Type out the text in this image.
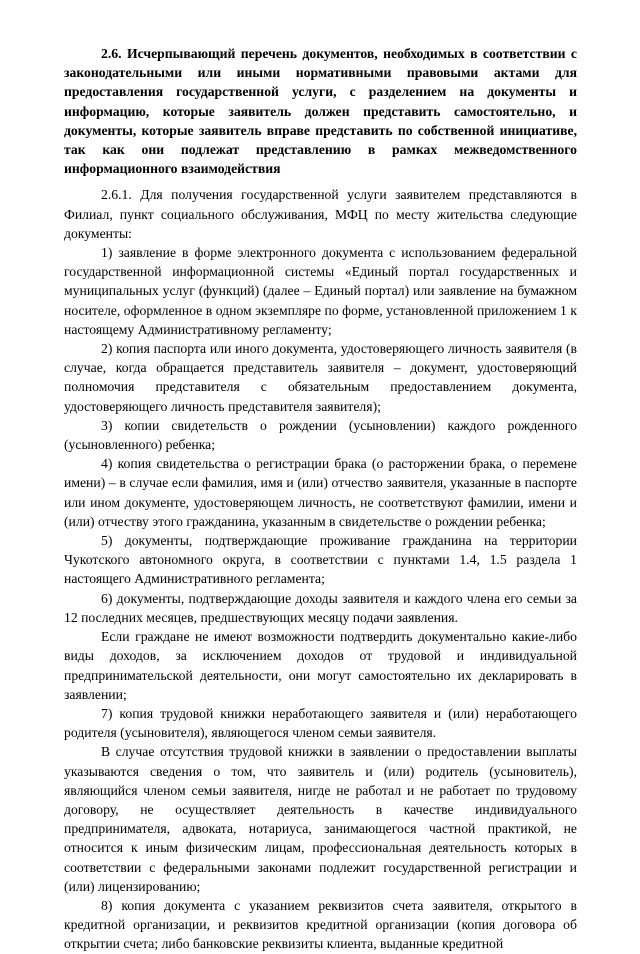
2.6. Исчерпывающий перечень документов, необходимых в соответствии с законодательными или иными нормативными правовыми актами для предоставления государственной услуги, с разделением на документы и информацию, которые заявитель должен представить самостоятельно, и документы, которые заявитель вправе представить по собственной инициативе, так как они подлежат представлению в рамках межведомственного информационного взаимодействия

2.6.1. Для получения государственной услуги заявителем представляются в Филиал, пункт социального обслуживания, МФЦ по месту жительства следующие документы:

1) заявление в форме электронного документа с использованием федеральной государственной информационной системы «Единый портал государственных и муниципальных услуг (функций) (далее – Единый портал) или заявление на бумажном носителе, оформленное в одном экземпляре по форме, установленной приложением 1 к настоящему Административному регламенту;

2) копия паспорта или иного документа, удостоверяющего личность заявителя (в случае, когда обращается представитель заявителя – документ, удостоверяющий полномочия представителя с обязательным предоставлением документа, удостоверяющего личность представителя заявителя);

3) копии свидетельств о рождении (усыновлении) каждого рожденного (усыновленного) ребенка;

4) копия свидетельства о регистрации брака (о расторжении брака, о перемене имени) – в случае если фамилия, имя и (или) отчество заявителя, указанные в паспорте или ином документе, удостоверяющем личность, не соответствуют фамилии, имени и (или) отчеству этого гражданина, указанным в свидетельстве о рождении ребенка;

5) документы, подтверждающие проживание гражданина на территории Чукотского автономного округа, в соответствии с пунктами 1.4, 1.5 раздела 1 настоящего Административного регламента;

6) документы, подтверждающие доходы заявителя и каждого члена его семьи за 12 последних месяцев, предшествующих месяцу подачи заявления.

Если граждане не имеют возможности подтвердить документально какие-либо виды доходов, за исключением доходов от трудовой и индивидуальной предпринимательской деятельности, они могут самостоятельно их декларировать в заявлении;

7) копия трудовой книжки неработающего заявителя и (или) неработающего родителя (усыновителя), являющегося членом семьи заявителя.

В случае отсутствия трудовой книжки в заявлении о предоставлении выплаты указываются сведения о том, что заявитель и (или) родитель (усыновитель), являющийся членом семьи заявителя, нигде не работал и не работает по трудовому договору, не осуществляет деятельность в качестве индивидуального предпринимателя, адвоката, нотариуса, занимающегося частной практикой, не относится к иным физическим лицам, профессиональная деятельность которых в соответствии с федеральными законами подлежит государственной регистрации и (или) лицензированию;

8) копия документа с указанием реквизитов счета заявителя, открытого в кредитной организации, и реквизитов кредитной организации (копия договора об открытии счета; либо банковские реквизиты клиента, выданные кредитной
